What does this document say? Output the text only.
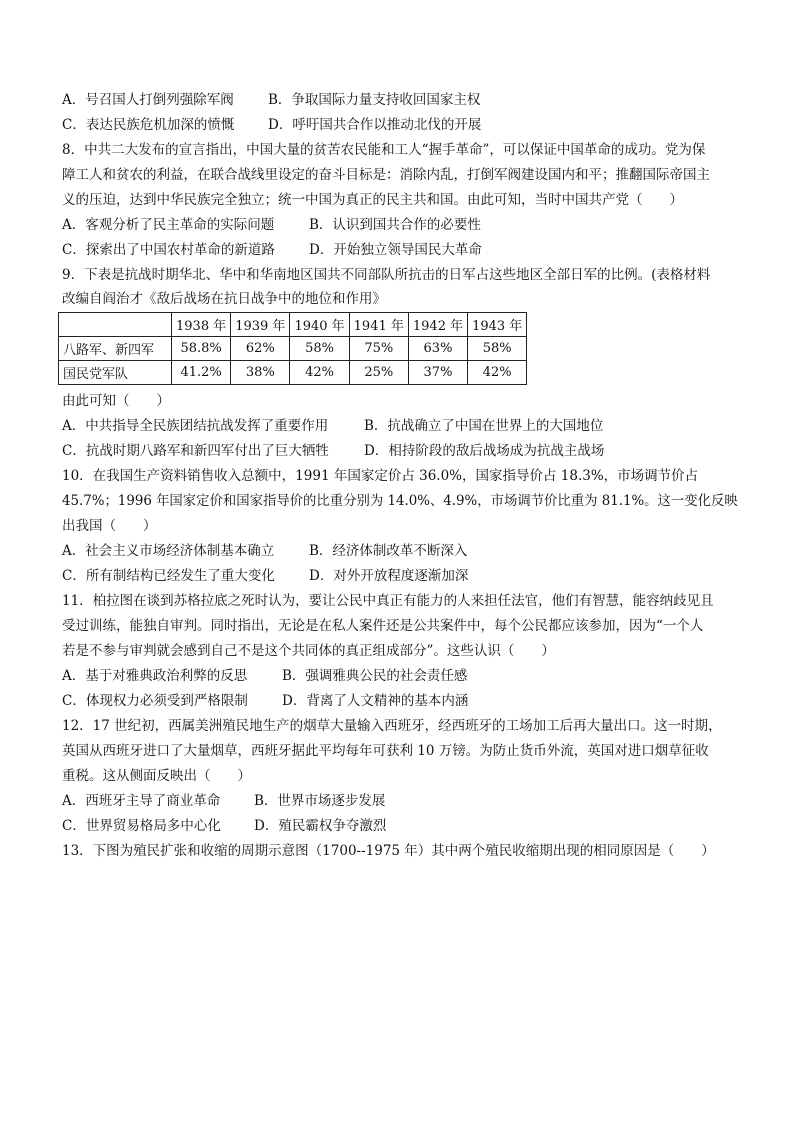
A．号召国人打倒列强除军阀	B．争取国际力量支持收回国家主权
C．表达民族危机加深的愤慨 D．呼吁国共合作以推动北伐的开展
8．中共二大发布的宣言指出，中国大量的贫苦农民能和工人“握手革命”，可以保证中国革命的成功。党为保
障工人和贫农的利益，在联合战线里设定的奋斗目标是：消除内乱，打倒军阀建设国内和平；推翻国际帝国主
义的压迫，达到中华民族完全独立；统一中国为真正的民主共和国。由此可知，当时中国共产党（　　）
A．客观分析了民主革命的实际问题	B．认识到国共合作的必要性
C．探索出了中国农村革命的新道路	D．开始独立领导国民大革命
9．下表是抗战时期华北、华中和华南地区国共不同部队所抗击的日军占这些地区全部日军的比例。(表格材料
改编自阎治才《敌后战场在抗日战争中的地位和作用》
	1938 年	1939 年	1940 年	1941 年	1942 年	1943 年
八路军、新四军	58.8%	62%	58%	75%	63%	58%
国民党军队	41.2%	38%	42%	25%	37%	42%
由此可知（　　）
A．中共指导全民族团结抗战发挥了重要作用	B．抗战确立了中国在世界上的大国地位
C．抗战时期八路军和新四军付出了巨大牺牲	D．相持阶段的敌后战场成为抗战主战场
10．在我国生产资料销售收入总额中，1991 年国家定价占 36.0%，国家指导价占 18.3%，市场调节价占
45.7%；1996 年国家定价和国家指导价的比重分别为 14.0%、4.9%，市场调节价比重为 81.1%。这一变化反映
出我国（　　）
A．社会主义市场经济体制基本确立	B．经济体制改革不断深入
C．所有制结构已经发生了重大变化	D．对外开放程度逐渐加深
11．柏拉图在谈到苏格拉底之死时认为，要让公民中真正有能力的人来担任法官，他们有智慧，能容纳歧见且
受过训练，能独自审判。同时指出，无论是在私人案件还是公共案件中，每个公民都应该参加，因为“一个人
若是不参与审判就会感到自己不是这个共同体的真正组成部分”。这些认识（　　）
A．基于对雅典政治利弊的反思	B．强调雅典公民的社会责任感
C．体现权力必须受到严格限制	D．背离了人文精神的基本内涵
12．17 世纪初，西属美洲殖民地生产的烟草大量输入西班牙，经西班牙的工场加工后再大量出口。这一时期，
英国从西班牙进口了大量烟草，西班牙据此平均每年可获利 10 万镑。为防止货币外流，英国对进口烟草征收
重税。这从侧面反映出（　　）
A．西班牙主导了商业革命	B．世界市场逐步发展
C．世界贸易格局多中心化 D．殖民霸权争夺激烈
13．下图为殖民扩张和收缩的周期示意图（1700--1975 年）其中两个殖民收缩期出现的相同原因是（　　）
